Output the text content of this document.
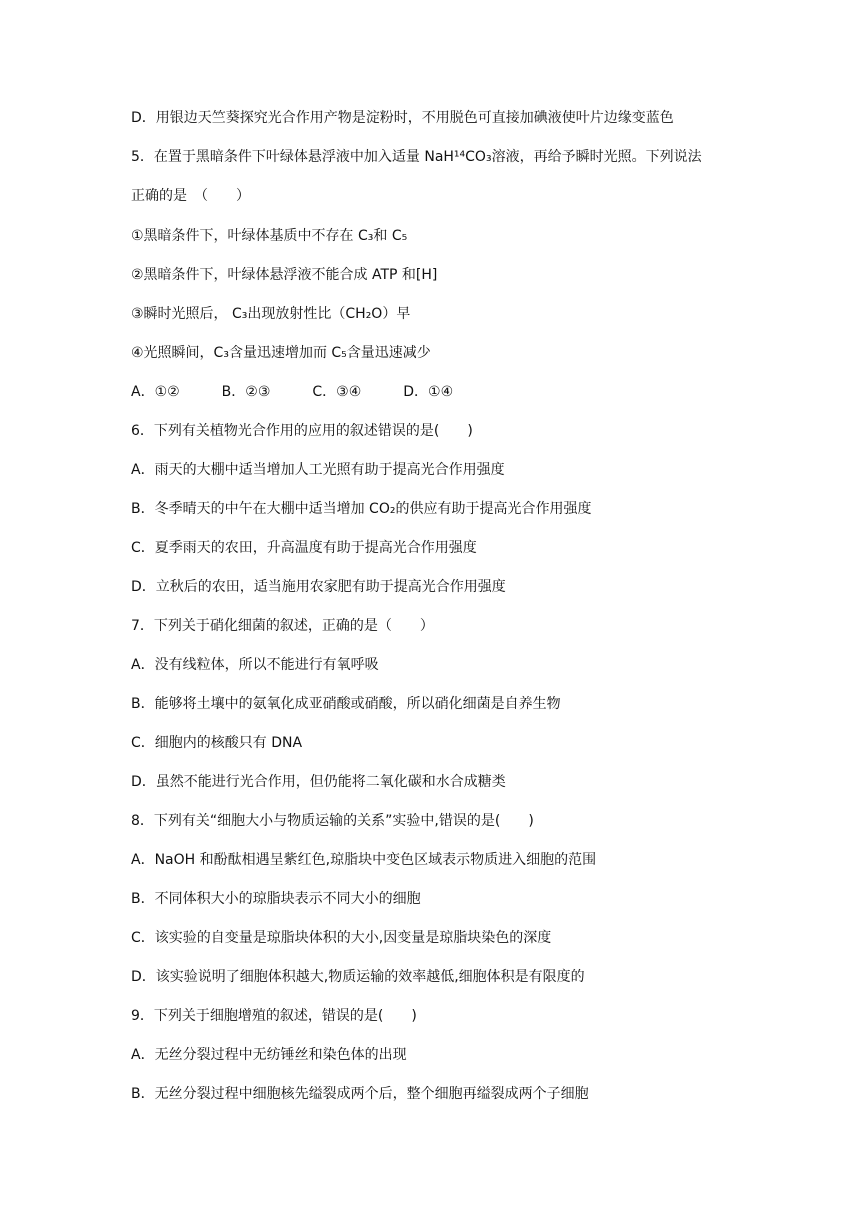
D．用银边天竺葵探究光合作用产物是淀粉时，不用脱色可直接加碘液使叶片边缘变蓝色
5．在置于黑暗条件下叶绿体悬浮液中加入适量 NaH¹⁴CO₃溶液，再给予瞬时光照。下列说法
正确的是　（　　）
①黑暗条件下，叶绿体基质中不存在 C₃和 C₅
②黑暗条件下，叶绿体悬浮液不能合成 ATP 和[H]
③瞬时光照后， C₃出现放射性比（CH₂O）早
④光照瞬间，C₃含量迅速增加而 C₅含量迅速减少
A．①②　　　B．②③　　　C．③④　　　D．①④
6．下列有关植物光合作用的应用的叙述错误的是(　　)
A．雨天的大棚中适当增加人工光照有助于提高光合作用强度
B．冬季晴天的中午在大棚中适当增加 CO₂的供应有助于提高光合作用强度
C．夏季雨天的农田，升高温度有助于提高光合作用强度
D．立秋后的农田，适当施用农家肥有助于提高光合作用强度
7．下列关于硝化细菌的叙述，正确的是（　　）
A．没有线粒体，所以不能进行有氧呼吸
B．能够将土壤中的氨氧化成亚硝酸或硝酸，所以硝化细菌是自养生物
C．细胞内的核酸只有 DNA
D．虽然不能进行光合作用，但仍能将二氧化碳和水合成糖类
8．下列有关“细胞大小与物质运输的关系”实验中,错误的是(　　)
A．NaOH 和酚酞相遇呈紫红色,琼脂块中变色区域表示物质进入细胞的范围
B．不同体积大小的琼脂块表示不同大小的细胞
C．该实验的自变量是琼脂块体积的大小,因变量是琼脂块染色的深度
D．该实验说明了细胞体积越大,物质运输的效率越低,细胞体积是有限度的
9．下列关于细胞增殖的叙述，错误的是(　　)
A．无丝分裂过程中无纺锤丝和染色体的出现
B．无丝分裂过程中细胞核先缢裂成两个后，整个细胞再缢裂成两个子细胞
